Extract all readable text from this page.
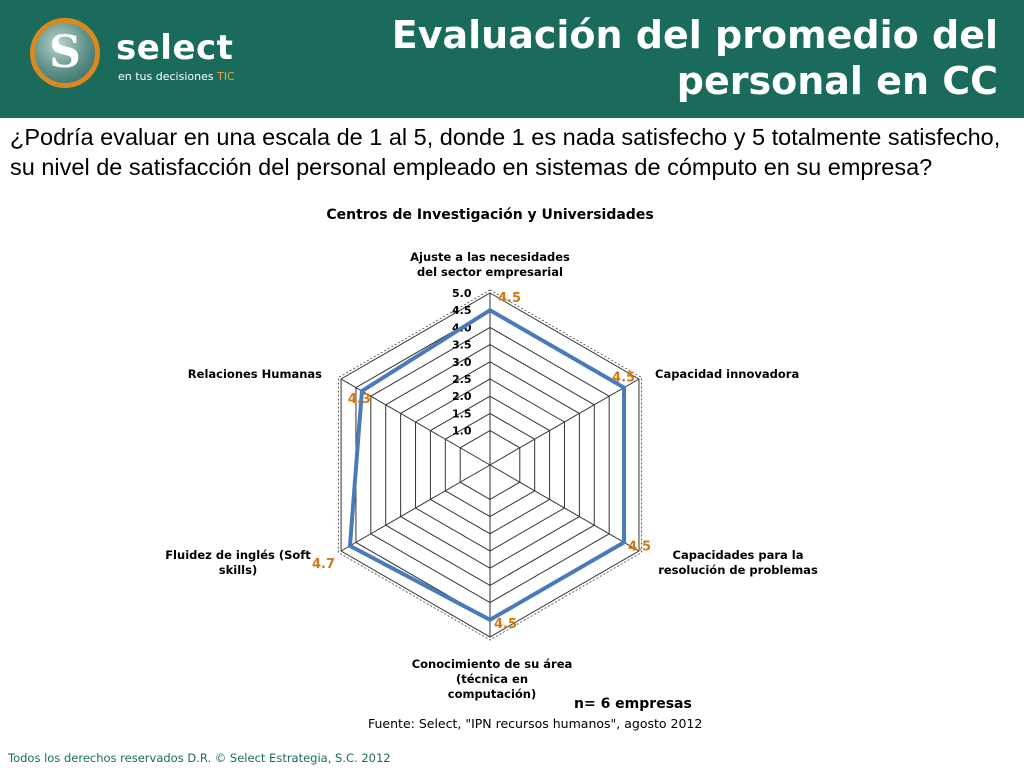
S	select
en tus decisiones TIC
Evaluación del promedio del
personal en CC
¿Podría evaluar en una escala de 1 al 5, donde 1 es nada satisfecho y 5 totalmente satisfecho, su nivel de satisfacción del personal empleado en sistemas de cómputo en su empresa?
Centros de Investigación y Universidades
1.0
1.5
2.0
2.5
3.0
3.5
4.0
4.5
5.0 4.5
4.5
4.5
4.5
4.7
4.3
Ajuste a las necesidades
del sector empresarial
Capacidad innovadora
Capacidades para la
resolución de problemas
Conocimiento de su área
(técnica en
computación)
Fluidez de inglés (Soft
skills)
Relaciones Humanas
n= 6 empresas
Fuente: Select, "IPN recursos humanos", agosto 2012
Todos los derechos reservados D.R. © Select Estrategia, S.C. 2012
